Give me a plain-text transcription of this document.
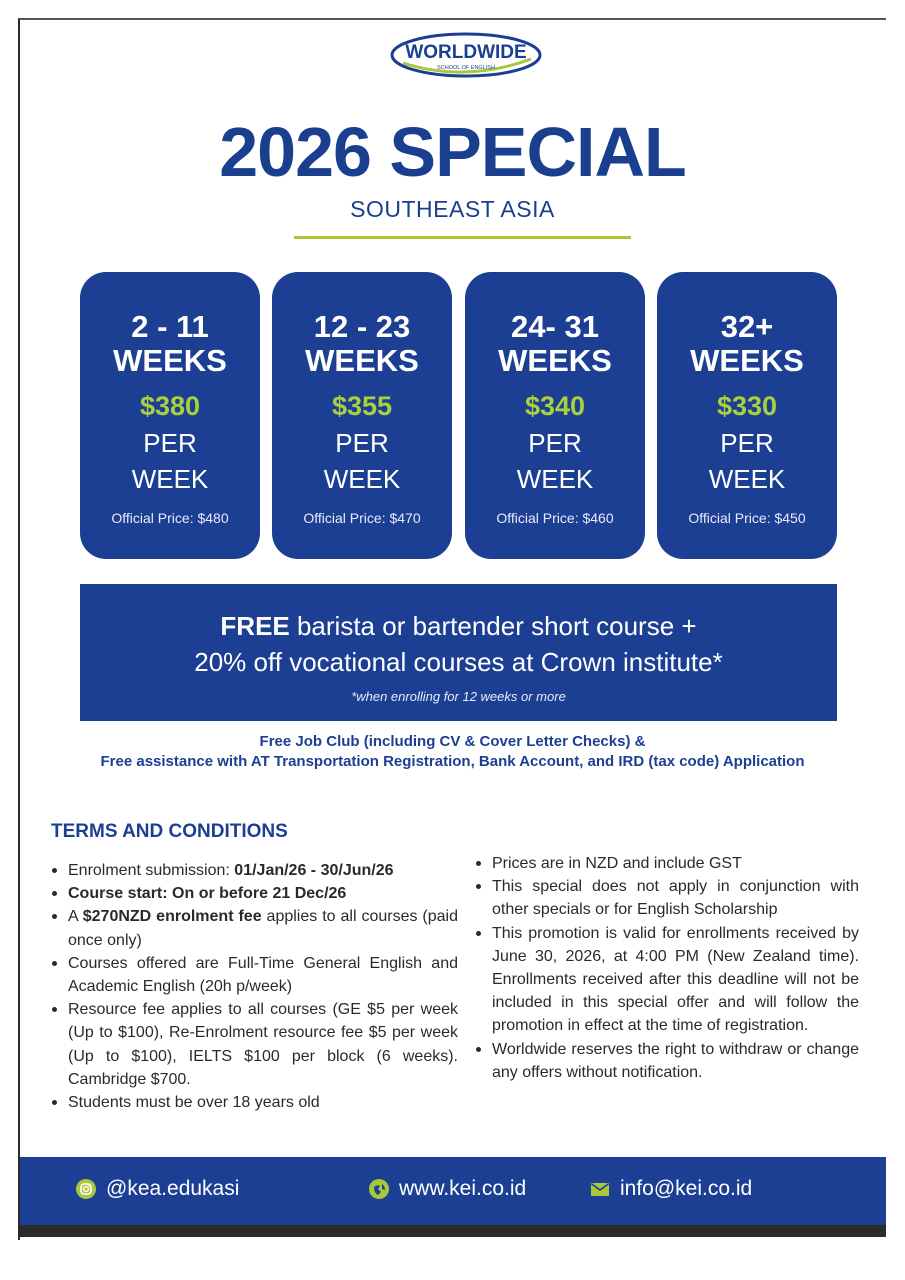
WORLDWIDE
SCHOOL OF ENGLISH
2026 SPECIAL
SOUTHEAST ASIA
2 - 11
WEEKS
$380
PER
WEEK
Official Price: $480
12 - 23
WEEKS
$355
PER
WEEK
Official Price: $470
24- 31
WEEKS
$340
PER
WEEK
Official Price: $460
32+
WEEKS
$330
PER
WEEK
Official Price: $450
FREE barista or bartender short course +
20% off vocational courses at Crown institute*
*when enrolling for 12 weeks or more
Free Job Club (including CV & Cover Letter Checks) &
Free assistance with AT Transportation Registration, Bank Account, and IRD (tax code) Application
TERMS AND CONDITIONS
Enrolment submission: 01/Jan/26 - 30/Jun/26
Course start: On or before 21 Dec/26
A $270NZD enrolment fee applies to all courses (paid once only)
Courses offered are Full-Time General English and Academic English (20h p/week)
Resource fee applies to all courses (GE $5 per week (Up to $100), Re-Enrolment resource fee $5 per week (Up to $100), IELTS $100 per block (6 weeks). Cambridge $700.
Students must be over 18 years old
Prices are in NZD and include GST
This special does not apply in conjunction with other specials or for English Scholarship
This promotion is valid for enrollments received by June 30, 2026, at 4:00 PM (New Zealand time). Enrollments received after this deadline will not be included in this special offer and will follow the promotion in effect at the time of registration.
Worldwide reserves the right to withdraw or change any offers without notification.
@kea.edukasi	www.kei.co.id	info@kei.co.id
